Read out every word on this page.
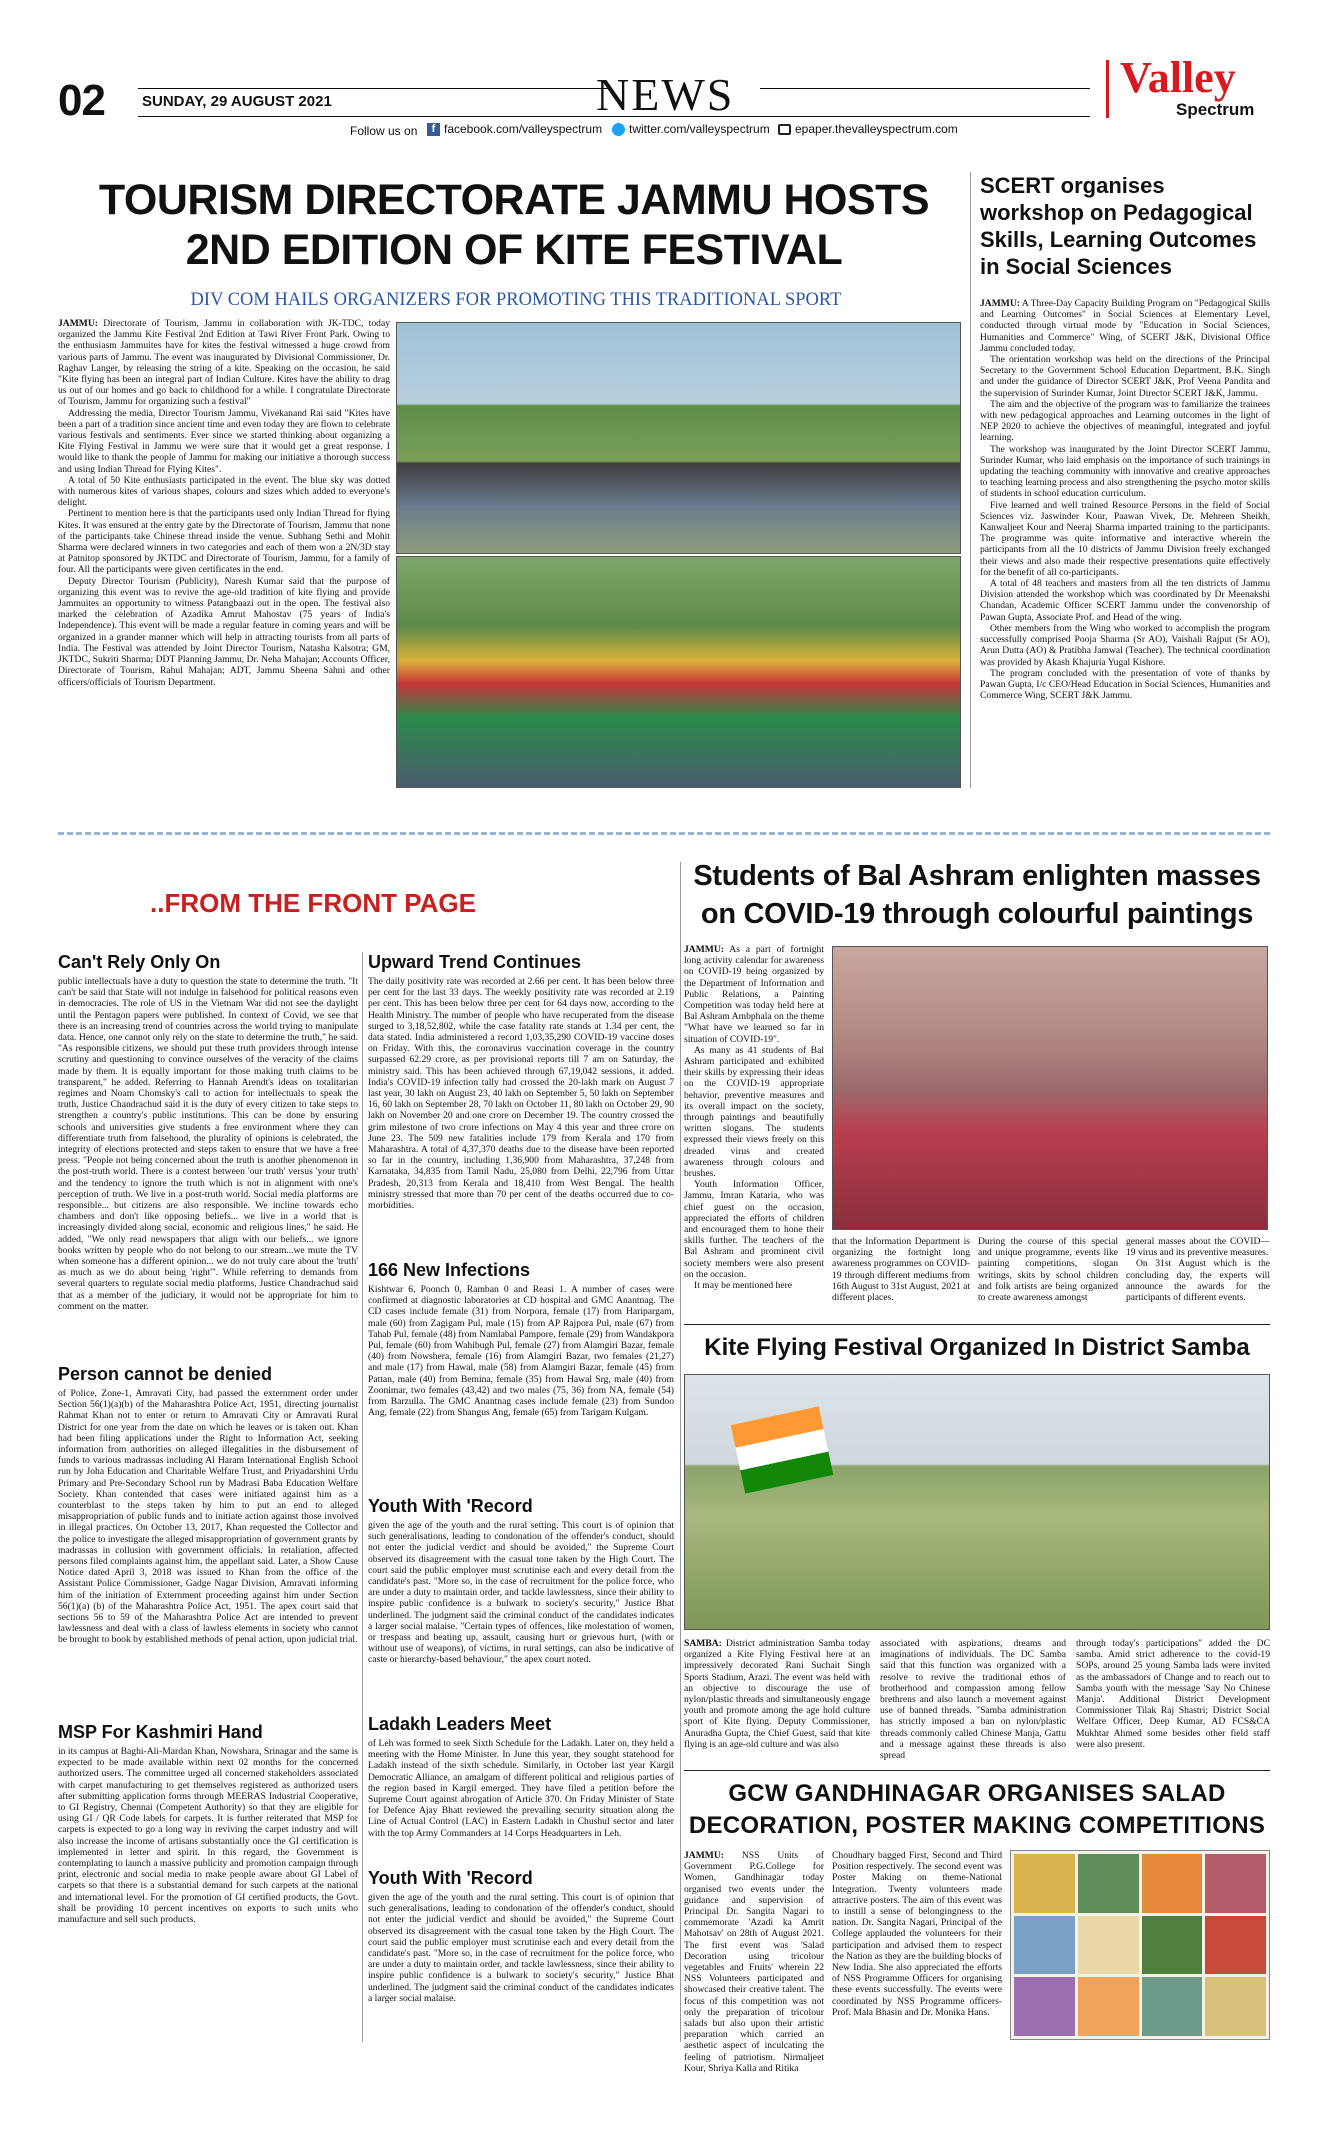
02 SUNDAY, 29 AUGUST 2021	NEWS
Follow us on	f facebook.com/valleyspectrum twitter.com/valleyspectrum epaper.thevalleyspectrum.com
Valley
Spectrum
TOURISM DIRECTORATE JAMMU HOSTS
2ND EDITION OF KITE FESTIVAL
DIV COM HAILS ORGANIZERS FOR PROMOTING THIS TRADITIONAL SPORT

JAMMU: Directorate of Tourism, Jammu in collaboration with JK-TDC, today organized the Jammu Kite Festival 2nd Edition at Tawi River Front Park. Owing to the enthusiasm Jammuites have for kites the festival witnessed a huge crowd from various parts of Jammu. The event was inaugurated by Divisional Commissioner, Dr. Raghav Langer, by releasing the string of a kite. Speaking on the occasion, he said "Kite flying has been an integral part of Indian Culture. Kites have the ability to drag us out of our homes and go back to childhood for a while. I congratulate Directorate of Tourism, Jammu for organizing such a festival"

Addressing the media, Director Tourism Jammu, Vivekanand Rai said "Kites have been a part of a tradition since ancient time and even today they are flown to celebrate various festivals and sentiments. Ever since we started thinking about organizing a Kite Flying Festival in Jammu we were sure that it would get a great response. I would like to thank the people of Jammu for making our initiative a thorough success and using Indian Thread for Flying Kites".

A total of 50 Kite enthusiasts participated in the event. The blue sky was dotted with numerous kites of various shapes, colours and sizes which added to everyone's delight.

Pertinent to mention here is that the participants used only Indian Thread for flying Kites. It was ensured at the entry gate by the Directorate of Tourism, Jammu that none of the participants take Chinese thread inside the venue. Subhang Sethi and Mohit Sharma were declared winners in two categories and each of them won a 2N/3D stay at Patnitop sponsored by JKTDC and Directorate of Tourism, Jammu, for a family of four. All the participants were given certificates in the end.

Deputy Director Tourism (Publicity), Naresh Kumar said that the purpose of organizing this event was to revive the age-old tradition of kite flying and provide Jammuites an opportunity to witness Patangbaazi out in the open. The festival also marked the celebration of Azadika Amrut Mahostav (75 years of India's Independence). This event will be made a regular feature in coming years and will be organized in a grander manner which will help in attracting tourists from all parts of India. The Festival was attended by Joint Director Tourism, Natasha Kalsotra; GM, JKTDC, Sukriti Sharma; DDT Planning Jammu, Dr. Neha Mahajan; Accounts Officer, Directorate of Tourism, Rahul Mahajan; ADT, Jammu Sheena Sahni and other officers/officials of Tourism Department.

SCERT organises workshop on Pedagogical Skills, Learning Outcomes in Social Sciences

JAMMU: A Three-Day Capacity Building Program on "Pedagogical Skills and Learning Outcomes" in Social Sciences at Elementary Level, conducted through virtual mode by "Education in Social Sciences, Humanities and Commerce" Wing, of SCERT J&K, Divisional Office Jammu concluded today.

The orientation workshop was held on the directions of the Principal Secretary to the Government School Education Department, B.K. Singh and under the guidance of Director SCERT J&K, Prof Veena Pandita and the supervision of Surinder Kumar, Joint Director SCERT J&K, Jammu.

The aim and the objective of the program was to familiarize the trainees with new pedagogical approaches and Learning outcomes in the light of NEP 2020 to achieve the objectives of meaningful, integrated and joyful learning.

The workshop was inaugurated by the Joint Director SCERT Jammu, Surinder Kumar, who laid emphasis on the importance of such trainings in updating the teaching community with innovative and creative approaches to teaching learning process and also strengthening the psycho motor skills of students in school education curriculum.

Five learned and well trained Resource Persons in the field of Social Sciences viz. Jaswinder Kour, Paawan Vivek, Dr. Mehreen Sheikh, Kanwaljeet Kour and Neeraj Sharma imparted training to the participants. The programme was quite informative and interactive wherein the participants from all the 10 districts of Jammu Division freely exchanged their views and also made their respective presentations quite effectively for the benefit of all co-participants.

A total of 48 teachers and masters from all the ten districts of Jammu Division attended the workshop which was coordinated by Dr Meenakshi Chandan, Academic Officer SCERT Jammu under the convenorship of Pawan Gupta, Associate Prof. and Head of the wing.

Other members from the Wing who worked to accomplish the program successfully comprised Pooja Sharma (Sr AO), Vaishali Rajput (Sr AO), Arun Dutta (AO) & Pratibha Jamwal (Teacher). The technical coordination was provided by Akash Khajuria Yugal Kishore.

The program concluded with the presentation of vote of thanks by Pawan Gupta, I/c CEO/Head Education in Social Sciences, Humanities and Commerce Wing, SCERT J&K Jammu.

..FROM THE FRONT PAGE
Can't Rely Only On
public intellectuals have a duty to question the state to determine the truth. "It can't be said that State will not indulge in falsehood for political reasons even in democracies. The role of US in the Vietnam War did not see the daylight until the Pentagon papers were published. In context of Covid, we see that there is an increasing trend of countries across the world trying to manipulate data. Hence, one cannot only rely on the state to determine the truth," he said. "As responsible citizens, we should put these truth providers through intense scrutiny and questioning to convince ourselves of the veracity of the claims made by them. It is equally important for those making truth claims to be transparent," he added. Referring to Hannah Arendt's ideas on totalitarian regimes and Noam Chomsky's call to action for intellectuals to speak the truth, Justice Chandrachud said it is the duty of every citizen to take steps to strengthen a country's public institutions. This can be done by ensuring schools and universities give students a free environment where they can differentiate truth from falsehood, the plurality of opinions is celebrated, the integrity of elections protected and steps taken to ensure that we have a free press. "People not being concerned about the truth is another phenomenon in the post-truth world. There is a contest between 'our truth' versus 'your truth' and the tendency to ignore the truth which is not in alignment with one's perception of truth. We live in a post-truth world. Social media platforms are responsible... but citizens are also responsible. We incline towards echo chambers and don't like opposing beliefs... we live in a world that is increasingly divided along social, economic and religious lines," he said. He added, "We only read newspapers that align with our beliefs... we ignore books written by people who do not belong to our stream...we mute the TV when someone has a different opinion... we do not truly care about the 'truth' as much as we do about being 'right'". While referring to demands from several quarters to regulate social media platforms, Justice Chandrachud said that as a member of the judiciary, it would not be appropriate for him to comment on the matter.
Person cannot be denied
of Police, Zone-1, Amravati City, had passed the externment order under Section 56(1)(a)(b) of the Maharashtra Police Act, 1951, directing journalist Rahmat Khan not to enter or return to Amravati City or Amravati Rural District for one year from the date on which he leaves or is taken out. Khan had been filing applications under the Right to Information Act, seeking information from authorities on alleged illegalities in the disbursement of funds to various madrassas including Al Haram International English School run by Joha Education and Charitable Welfare Trust, and Priyadarshini Urdu Primary and Pre-Secondary School run by Madrasi Baba Education Welfare Society. Khan contended that cases were initiated against him as a counterblast to the steps taken by him to put an end to alleged misappropriation of public funds and to initiate action against those involved in illegal practices. On October 13, 2017, Khan requested the Collector and the police to investigate the alleged misappropriation of government grants by madrassas in collusion with government officials. In retaliation, affected persons filed complaints against him, the appellant said. Later, a Show Cause Notice dated April 3, 2018 was issued to Khan from the office of the Assistant Police Commissioner, Gadge Nagar Division, Amravati informing him of the initiation of Externment proceeding against him under Section 56(1)(a) (b) of the Maharashtra Police Act, 1951. The apex court said that sections 56 to 59 of the Maharashtra Police Act are intended to prevent lawlessness and deal with a class of lawless elements in society who cannot be brought to book by established methods of penal action, upon judicial trial.
MSP For Kashmiri Hand
in its campus at Baghi-Ali-Mardan Khan, Nowshara, Srinagar and the same is expected to be made available within next 02 months for the concerned authorized users. The committee urged all concerned stakeholders associated with carpet manufacturing to get themselves registered as authorized users after submitting application forms through MEERAS Industrial Cooperative, to GI Registry, Chennai (Competent Authority) so that they are eligible for using GI / QR Code labels for carpets. It is further reiterated that MSP for carpets is expected to go a long way in reviving the carpet industry and will also increase the income of artisans substantially once the GI certification is implemented in letter and spirit. In this regard, the Government is contemplating to launch a massive publicity and promotion campaign through print, electronic and social media to make people aware about GI Label of carpets so that there is a substantial demand for such carpets at the national and international level. For the promotion of GI certified products, the Govt. shall be providing 10 percent incentives on exports to such units who manufacture and sell such products.
Upward Trend Continues
The daily positivity rate was recorded at 2.66 per cent. It has been below three per cent for the last 33 days. The weekly positivity rate was recorded at 2.19 per cent. This has been below three per cent for 64 days now, according to the Health Ministry. The number of people who have recuperated from the disease surged to 3,18,52,802, while the case fatality rate stands at 1.34 per cent, the data stated. India administered a record 1,03,35,290 COVID-19 vaccine doses on Friday. With this, the coronavirus vaccination coverage in the country surpassed 62.29 crore, as per provisional reports till 7 am on Saturday, the ministry said. This has been achieved through 67,19,042 sessions, it added. India's COVID-19 infection tally had crossed the 20-lakh mark on August 7 last year, 30 lakh on August 23, 40 lakh on September 5, 50 lakh on September 16, 60 lakh on September 28, 70 lakh on October 11, 80 lakh on October 29, 90 lakh on November 20 and one crore on December 19. The country crossed the grim milestone of two crore infections on May 4 this year and three crore on June 23. The 509 new fatalities include 179 from Kerala and 170 from Maharashtra. A total of 4,37,370 deaths due to the disease have been reported so far in the country, including 1,36,900 from Maharashtra, 37,248 from Karnataka, 34,835 from Tamil Nadu, 25,080 from Delhi, 22,796 from Uttar Pradesh, 20,313 from Kerala and 18,410 from West Bengal. The health ministry stressed that more than 70 per cent of the deaths occurred due to co-morbidities.
166 New Infections
Kishtwar 6, Poonch 0, Ramban 0 and Reasi 1. A number of cases were confirmed at diagnostic laboratories at CD hospital and GMC Anantnag. The CD cases include female (31) from Norpora, female (17) from Haripargam, male (60) from Zagigam Pul, male (15) from AP Rajpora Pul, male (67) from Tahab Pul, female (48) from Namlabal Pampore, female (29) from Wandakpora Pul, female (60) from Wahibugh Pul, female (27) from Alamgiri Bazar, female (40) from Nowshera, female (16) from Alamgiri Bazar, two females (21,27) and male (17) from Hawal, male (58) from Alamgiri Bazar, female (45) from Pattan, male (40) from Bemina, female (35) from Hawal Srg, male (40) from Zoonimar, two females (43,42) and two males (75, 36) from NA, female (54) from Barzulla. The GMC Anantnag cases include female (23) from Sundoo Ang, female (22) from Shangus Ang, female (65) from Tarigam Kulgam.
Youth With 'Record
given the age of the youth and the rural setting. This court is of opinion that such generalisations, leading to condonation of the offender's conduct, should not enter the judicial verdict and should be avoided," the Supreme Court observed its disagreement with the casual tone taken by the High Court. The court said the public employer must scrutinise each and every detail from the candidate's past. "More so, in the case of recruitment for the police force, who are under a duty to maintain order, and tackle lawlessness, since their ability to inspire public confidence is a bulwark to society's security," Justice Bhat underlined. The judgment said the criminal conduct of the candidates indicates a larger social malaise. "Certain types of offences, like molestation of women, or trespass and beating up, assault, causing hurt or grievous hurt, (with or without use of weapons), of victims, in rural settings, can also be indicative of caste or hierarchy-based behaviour," the apex court noted.
Ladakh Leaders Meet
of Leh was formed to seek Sixth Schedule for the Ladakh. Later on, they held a meeting with the Home Minister. In June this year, they sought statehood for Ladakh instead of the sixth schedule. Similarly, in October last year Kargil Democratic Alliance, an amalgam of different political and religious parties of the region based in Kargil emerged. They have filed a petition before the Supreme Court against abrogation of Article 370. On Friday Minister of State for Defence Ajay Bhatt reviewed the prevailing security situation along the Line of Actual Control (LAC) in Eastern Ladakh in Chushul sector and later with the top Army Commanders at 14 Corps Headquarters in Leh.
Youth With 'Record
given the age of the youth and the rural setting. This court is of opinion that such generalisations, leading to condonation of the offender's conduct, should not enter the judicial verdict and should be avoided," the Supreme Court observed its disagreement with the casual tone taken by the High Court. The court said the public employer must scrutinise each and every detail from the candidate's past. "More so, in the case of recruitment for the police force, who are under a duty to maintain order, and tackle lawlessness, since their ability to inspire public confidence is a bulwark to society's security," Justice Bhat underlined. The judgment said the criminal conduct of the candidates indicates a larger social malaise.
Students of Bal Ashram enlighten masses
on COVID-19 through colourful paintings

JAMMU: As a part of fortnight long activity calendar for awareness on COVID-19 being organized by the Department of Information and Public Relations, a Painting Competition was today held here at Bal Ashram Ambphala on the theme "What have we learned so far in situation of COVID-19".

As many as 41 students of Bal Ashram participated and exhibited their skills by expressing their ideas on the COVID-19 appropriate behavior, preventive measures and its overall impact on the society, through paintings and beautifully written slogans. The students expressed their views freely on this dreaded virus and created awareness through colours and brushes.

Youth Information Officer, Jammu, Imran Kataria, who was chief guest on the occasion, appreciated the efforts of children and encouraged them to hone their skills further. The teachers of the Bal Ashram and prominent civil society members were also present on the occasion.

It may be mentioned here

that the Information Department is organizing the fortnight long awareness programmes on COVID-19 through different mediums from 16th August to 31st August, 2021 at different places.
During the course of this special and unique programme, events like painting competitions, slogan writings, skits by school children and folk artists are being organized to create awareness amongst

general masses about the COVID—19 virus and its preventive measures.

On 31st August which is the concluding day, the experts will announce the awards for the participants of different events.

Kite Flying Festival Organized In District Samba

SAMBA: District administration Samba today organized a Kite Flying Festival here at an impressively decorated Rani Suchait Singh Sports Stadium, Arazi. The event was held with an objective to discourage the use of nylon/plastic threads and simultaneously engage youth and promote among the age hold culture sport of Kite flying. Deputy Commissioner, Anuradha Gupta, the Chief Guest, said that kite flying is an age-old culture and was also

associated with aspirations, dreams and imaginations of individuals. The DC Samba said that this function was organized with a resolve to revive the traditional ethos of brotherhood and compassion among fellow brethrens and also launch a movement against use of banned threads. "Samba administration has strictly imposed a ban on nylon/plastic threads commonly called Chinese Manja, Gattu and a message against these threads is also spread
through today's participations" added the DC samba. Amid strict adherence to the covid-19 SOPs, around 25 young Samba lads were invited as the ambassadors of Change and to reach out to Samba youth with the message 'Say No Chinese Manja'. Additional District Development Commissioner Tilak Raj Shastri; District Social Welfare Officer, Deep Kumar, AD FCS&CA Mukhtar Ahmed some besides other field staff were also present.
GCW GANDHINAGAR ORGANISES SALAD
DECORATION, POSTER MAKING COMPETITIONS

JAMMU: NSS Units of Government P.G.College for Women, Gandhinagar today organised two events under the guidance and supervision of Principal Dr. Sangita Nagari to commemorate 'Azadi ka Amrit Mahotsav' on 28th of August 2021. The first event was 'Salad Decoration using tricolour vegetables and Fruits' wherein 22 NSS Volunteers participated and showcased their creative talent. The focus of this competition was not only the preparation of tricolour salads but also upon their artistic preparation which carried an aesthetic aspect of inculcating the feeling of patriotism. Nirmaljeet Kour, Shriya Kalla and Ritika

Choudhary bagged First, Second and Third Position respectively. The second event was Poster Making on theme-National Integration. Twenty volunteers made attractive posters. The aim of this event was to instill a sense of belongingness to the nation. Dr. Sangita Nagari, Principal of the College applauded the volunteers for their participation and advised them to respect the Nation as they are the building blocks of New India. She also appreciated the efforts of NSS Programme Officers for organising these events successfully. The events were coordinated by NSS Programme officers-Prof. Mala Bhasin and Dr. Monika Hans.
